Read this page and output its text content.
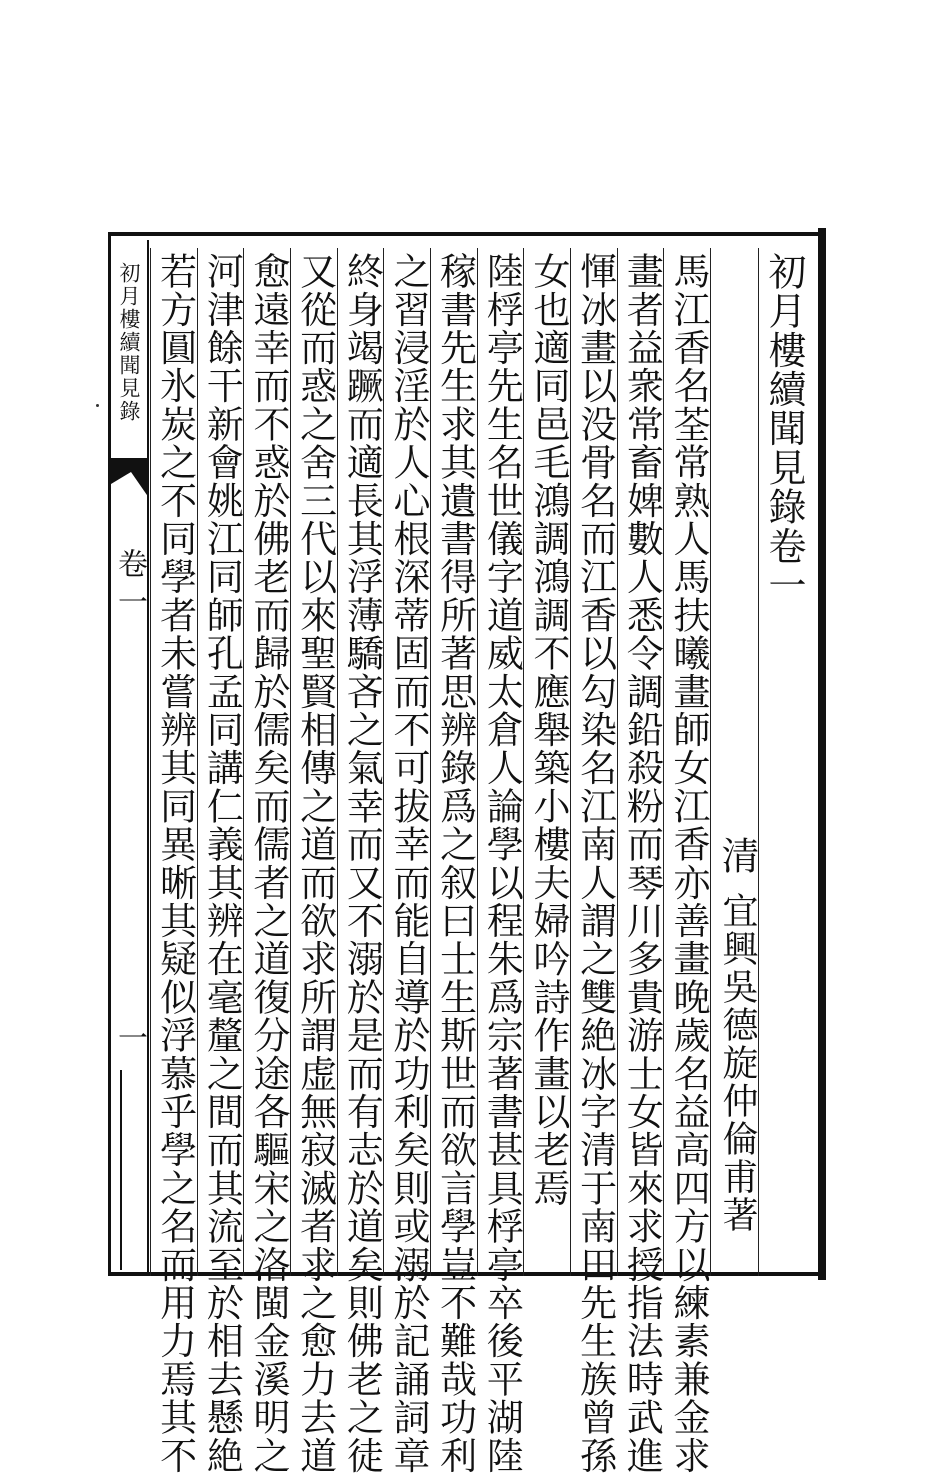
初月樓續聞見錄
卷一
一
初月樓續聞見錄卷一
清
宜興吳德旋仲倫甫著
馬江香名荃常熟人馬扶曦畫師女江香亦善畫晚歲名益高四方以練素兼金求
畫者益衆常畜婢數人悉令調鉛殺粉而琴川多貴游士女皆來求授指法時武進
惲冰畫以没骨名而江香以勾染名江南人謂之雙絶冰字清于南田先生族曾孫
女也適同邑毛鴻調鴻調不應舉築小樓夫婦吟詩作畫以老焉
陸桴亭先生名世儀字道威太倉人論學以程朱爲宗著書甚具桴亭卒後平湖陸
稼書先生求其遺書得所著思辨錄爲之叙曰士生斯世而欲言學豈不難哉功利
之習浸淫於人心根深蒂固而不可拔幸而能自導於功利矣則或溺於記誦詞章
終身竭蹶而適長其浮薄驕吝之氣幸而又不溺於是而有志於道矣則佛老之徒
又從而惑之舍三代以來聖賢相傳之道而欲求所謂虚無寂滅者求之愈力去道
愈遠幸而不惑於佛老而歸於儒矣而儒者之道復分途各驅宋之洛閩金溪明之
河津餘干新會姚江同師孔孟同講仁義其辨在毫釐之間而其流至於相去懸絶
若方圓氷炭之不同學者未嘗辨其同異晰其疑似浮慕乎學之名而用力焉其不
